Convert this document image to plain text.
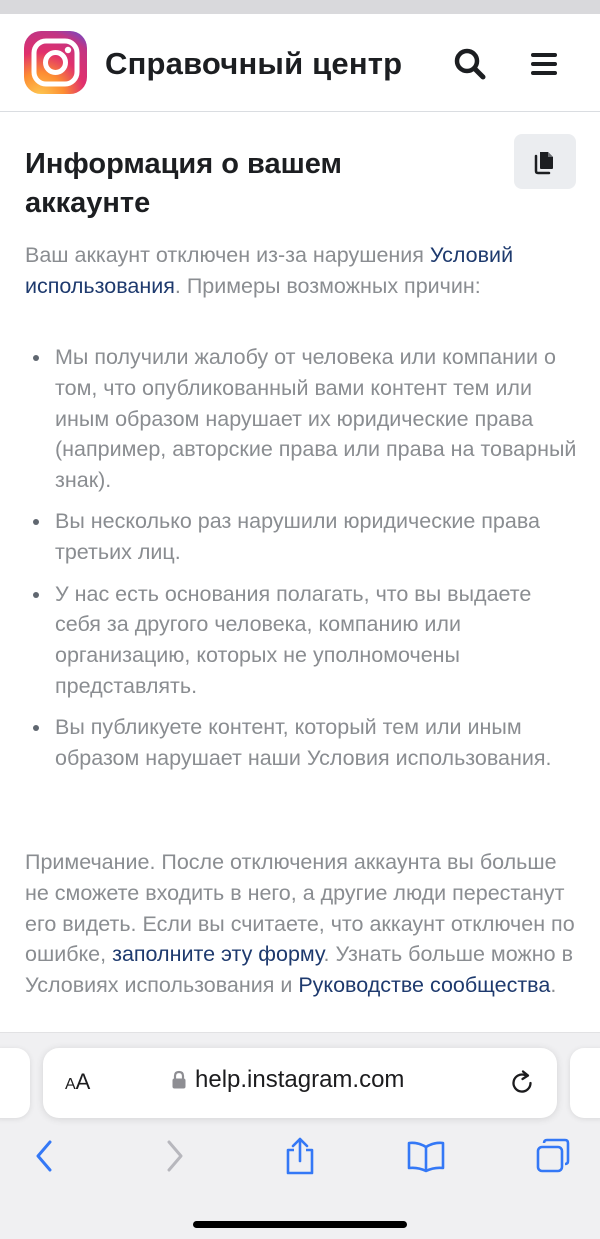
Справочный центр
Информация о вашем аккаунте

Ваш аккаунт отключен из-за нарушения Условий использования. Примеры возможных причин:

Мы получили жалобу от человека или компании о том, что опубликованный вами контент тем или иным образом нарушает их юридические права (например, авторские права или права на товарный знак).
Вы несколько раз нарушили юридические права третьих лиц.
У нас есть основания полагать, что вы выдаете себя за другого человека, компанию или организацию, которых не уполномочены представлять.
Вы публикуете контент, который тем или иным образом нарушает наши Условия использования.

Примечание. После отключения аккаунта вы больше не сможете входить в него, а другие люди перестанут его видеть. Если вы считаете, что аккаунт отключен по ошибке, заполните эту форму. Узнать больше можно в Условиях использования и Руководстве сообщества.

AA	help.instagram.com
